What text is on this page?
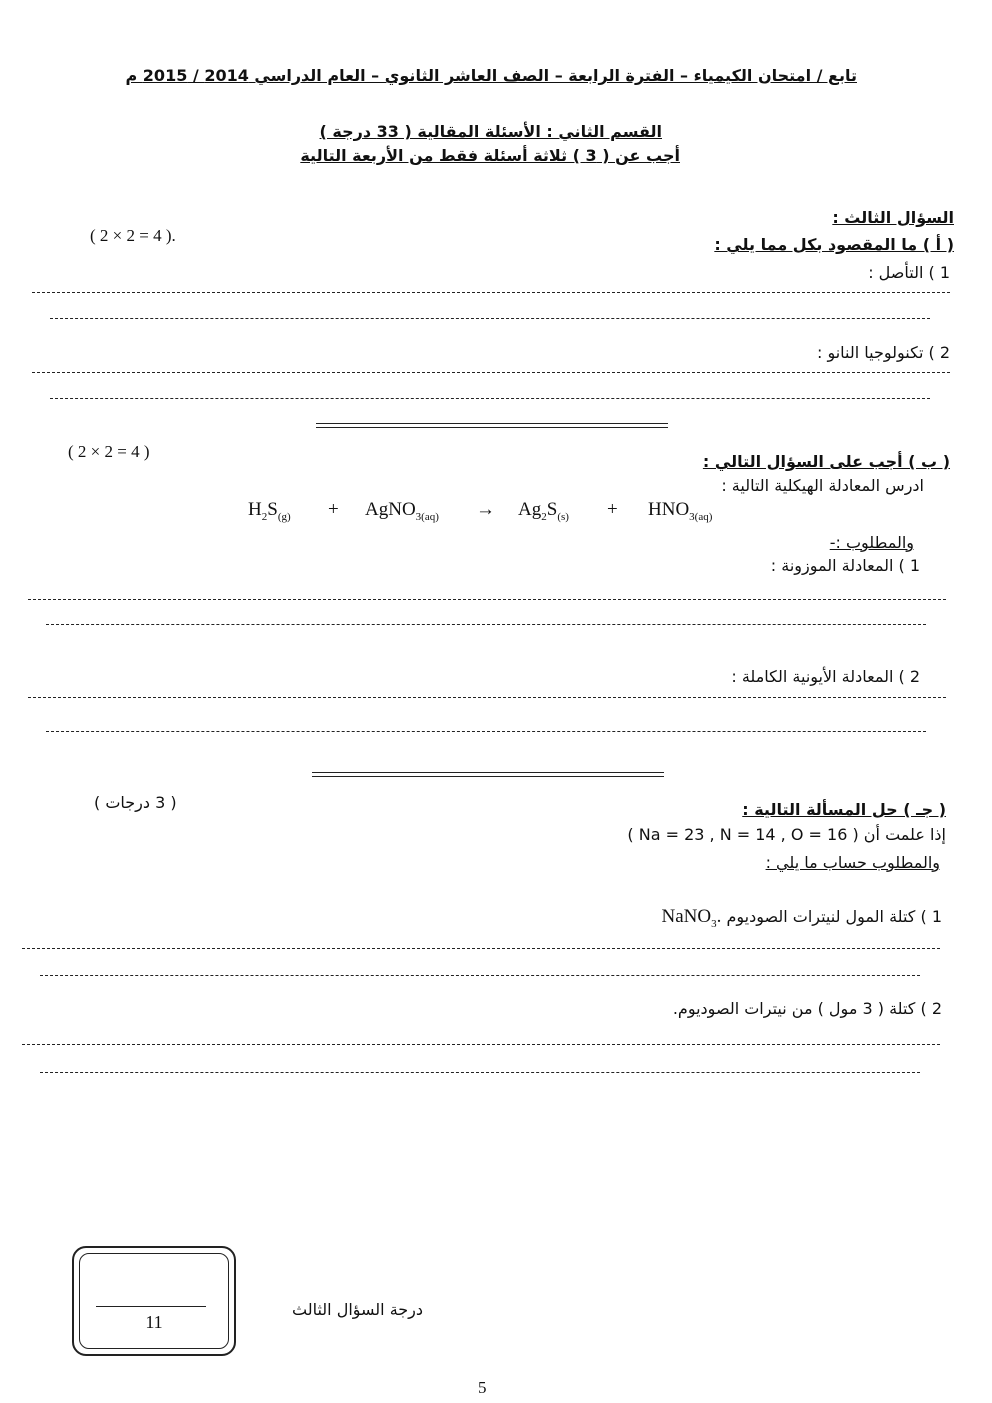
تابع / امتحان الكيمياء – الفترة الرابعة – الصف العاشر الثانوي – العام الدراسي 2014 / 2015 م
القسم الثاني : الأسئلة المقالية ( 33 درجة )
أجب عن ( 3 ) ثلاثة أسئلة فقط من الأربعة التالية
السؤال الثالث :
( أ ) ما المقصود بكل مما يلي :
( 2 × 2 = 4 ).
1 ) التأصل :
2 ) تكنولوجيا النانو :
( ب ) أجب على السؤال التالي :
( 2 × 2 = 4 )
ادرس المعادلة الهيكلية التالية :
$H_2S_{(g)}$ + AgNO$_{3(aq)}$ → $Ag_2S_{(s)} + HNO_{3(aq)}$
والمطلوب :-
1 ) المعادلة الموزونة :
2 ) المعادلة الأيونية الكاملة :
( جـ ) حل المسألة التالية :
( 3 درجات )
إذا علمت أن ( Na = 23 , N = 14 , O = 16 )
والمطلوب حساب ما يلي :
1 ) كتلة المول لنيترات الصوديوم NaNO$_3$.
2 ) كتلة ( 3 مول ) من نيترات الصوديوم.
11
درجة السؤال الثالث
5
